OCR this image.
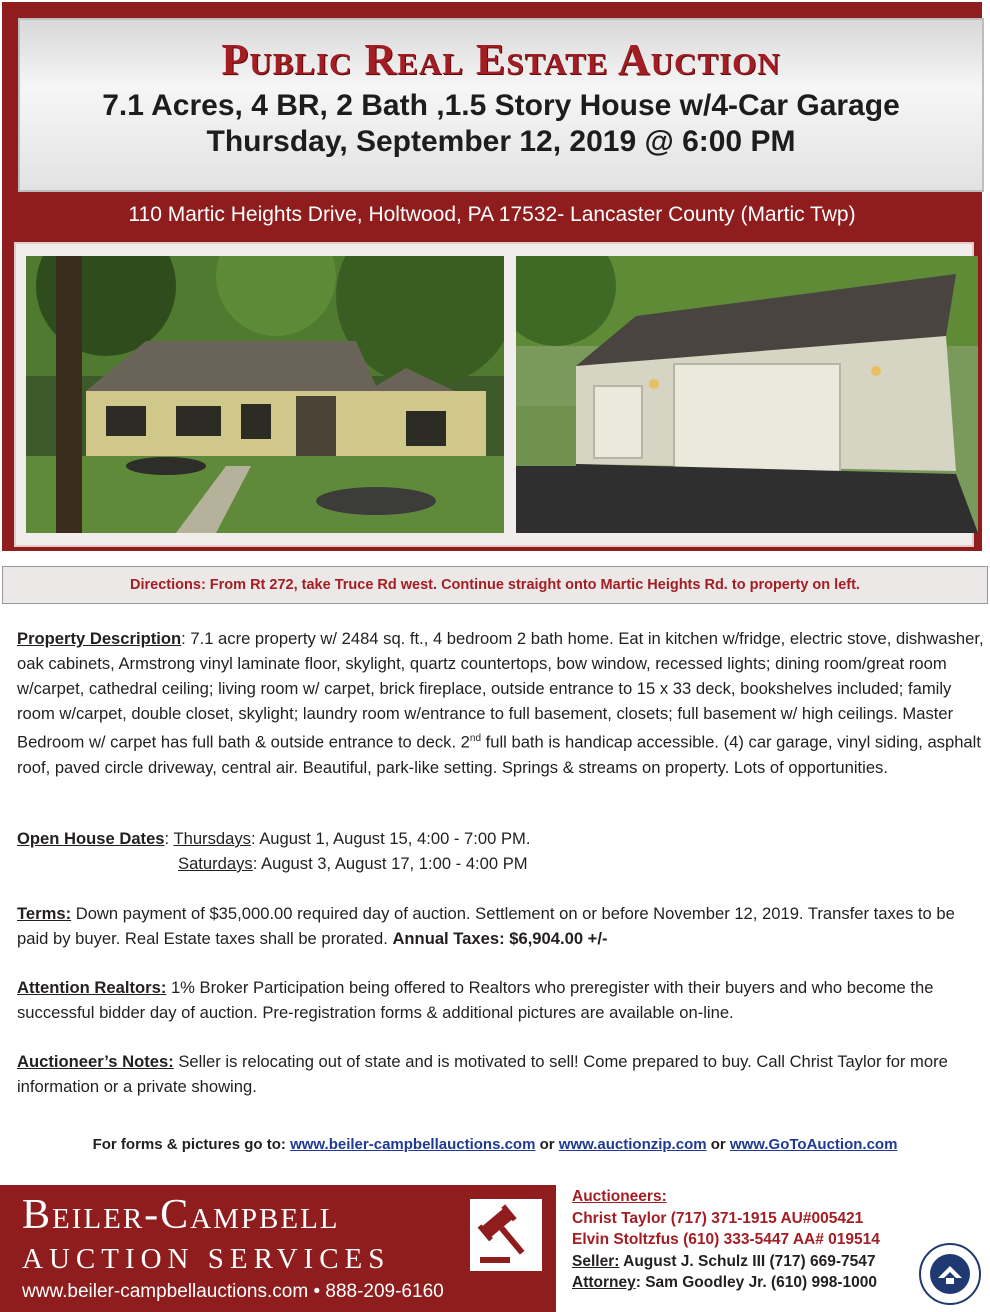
Public Real Estate Auction
7.1 Acres, 4 BR, 2 Bath ,1.5 Story House w/4-Car Garage
Thursday, September 12, 2019 @ 6:00 PM
110 Martic Heights Drive, Holtwood, PA 17532- Lancaster County (Martic Twp)
Directions: From Rt 272, take Truce Rd west. Continue straight onto Martic Heights Rd. to property on left.
Property Description: 7.1 acre property w/ 2484 sq. ft., 4 bedroom 2 bath home. Eat in kitchen w/fridge, electric stove, dishwasher, oak cabinets, Armstrong vinyl laminate floor, skylight, quartz countertops, bow window, recessed lights; dining room/great room w/carpet, cathedral ceiling; living room w/ carpet, brick fireplace, outside entrance to 15 x 33 deck, bookshelves included; family room w/carpet, double closet, skylight; laundry room w/entrance to full basement, closets; full basement w/ high ceilings. Master Bedroom w/ carpet has full bath & outside entrance to deck. 2nd full bath is handicap accessible. (4) car garage, vinyl siding, asphalt roof, paved circle driveway, central air. Beautiful, park-like setting. Springs & streams on property. Lots of opportunities.
Open House Dates: Thursdays: August 1, August 15, 4:00 - 7:00 PM.
Saturdays: August 3, August 17, 1:00 - 4:00 PM
Terms: Down payment of $35,000.00 required day of auction. Settlement on or before November 12, 2019. Transfer taxes to be paid by buyer. Real Estate taxes shall be prorated. Annual Taxes: $6,904.00 +/-
Attention Realtors: 1% Broker Participation being offered to Realtors who preregister with their buyers and who become the successful bidder day of auction. Pre-registration forms & additional pictures are available on-line.
Auctioneer’s Notes: Seller is relocating out of state and is motivated to sell! Come prepared to buy. Call Christ Taylor for more information or a private showing.
For forms & pictures go to: www.beiler-campbellauctions.com or www.auctionzip.com or www.GoToAuction.com
Beiler-Campbell
AUCTION SERVICES
www.beiler-campbellauctions.com • 888-209-6160
Auctioneers:
Christ Taylor (717) 371-1915 AU#005421
Elvin Stoltzfus (610) 333-5447 AA# 019514
Seller: August J. Schulz III (717) 669-7547
Attorney: Sam Goodley Jr. (610) 998-1000
